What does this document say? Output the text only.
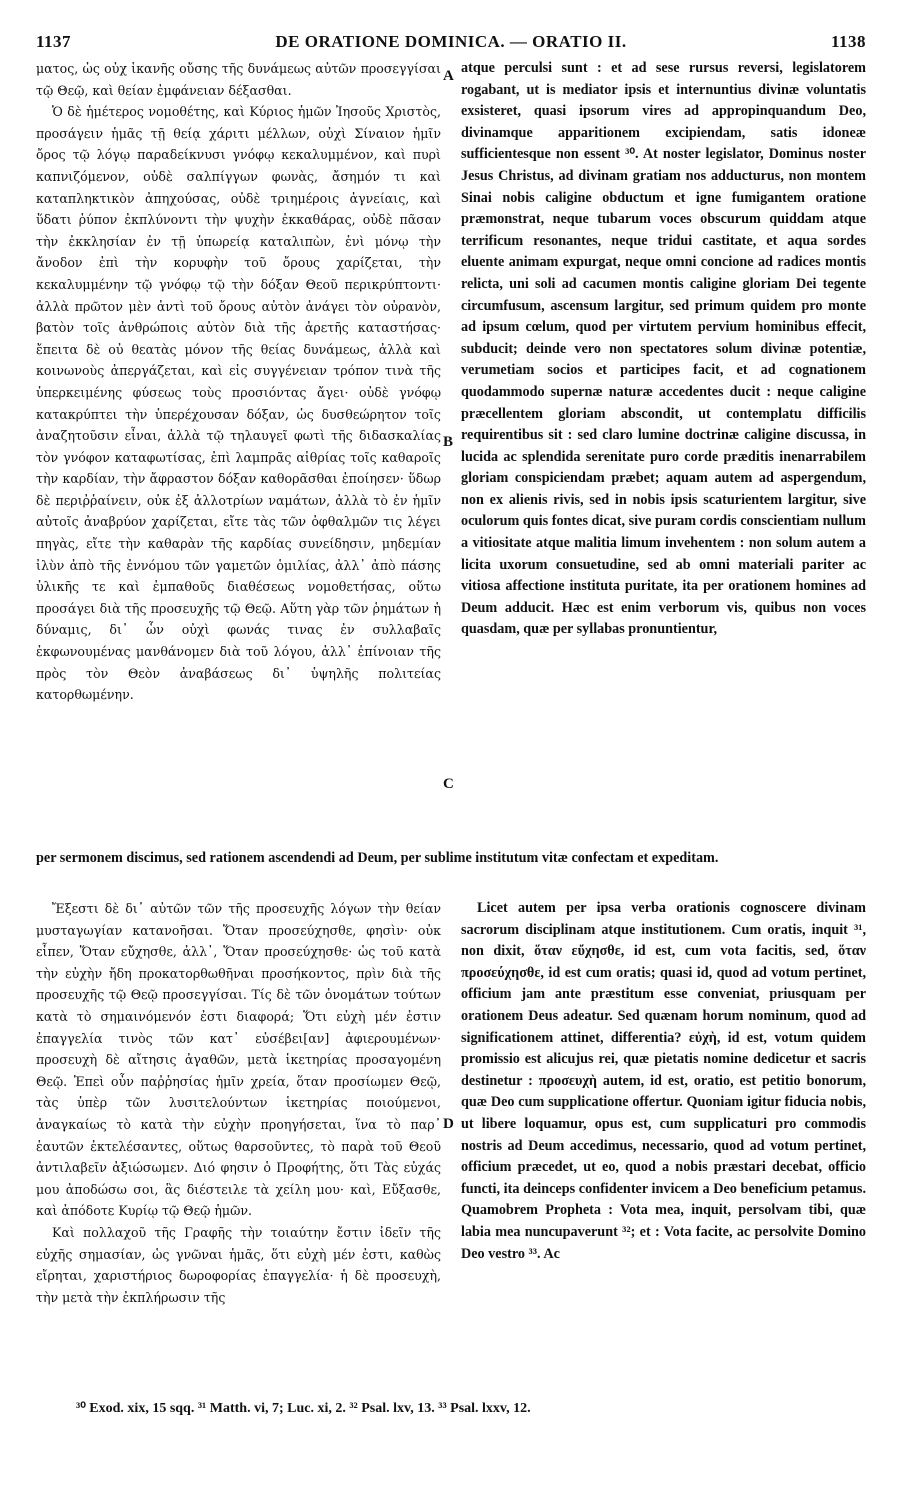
1137	DE ORATIONE DOMINICA. — ORATIO II.	1138

ματος, ὡς οὐχ ἱκανῆς οὔσης τῆς δυνάμεως αὐτῶν προσεγγίσαι τῷ Θεῷ, καὶ θείαν ἐμφάνειαν δέξασθαι.

Ὁ δὲ ἡμέτερος νομοθέτης, καὶ Κύριος ἡμῶν Ἰησοῦς Χριστὸς, προσάγειν ἡμᾶς τῇ θείᾳ χάριτι μέλλων, οὐχὶ Σίναιον ἡμῖν ὄρος τῷ λόγῳ παραδείκνυσι γνόφῳ κεκαλυμμένον, καὶ πυρὶ καπνιζόμενον, οὐδὲ σαλπίγγων φωνὰς, ἄσημόν τι καὶ καταπληκτικὸν ἀπηχούσας, οὐδὲ τριημέροις ἁγνείαις, καὶ ὕδατι ῥύπον ἐκπλύνοντι τὴν ψυχὴν ἐκκαθάρας, οὐδὲ πᾶσαν τὴν ἐκκλησίαν ἐν τῇ ὑπωρείᾳ καταλιπὼν, ἑνὶ μόνῳ τὴν ἄνοδον ἐπὶ τὴν κορυφὴν τοῦ ὄρους χαρίζεται, τὴν κεκαλυμμένην τῷ γνόφῳ τῷ τὴν δόξαν Θεοῦ περικρύπτοντι· ἀλλὰ πρῶτον μὲν ἀντὶ τοῦ ὄρους αὐτὸν ἀνάγει τὸν οὐρανὸν, βατὸν τοῖς ἀνθρώποις αὐτὸν διὰ τῆς ἀρετῆς καταστήσας· ἔπειτα δὲ οὐ θεατὰς μόνον τῆς θείας δυνάμεως, ἀλλὰ καὶ κοινωνοὺς ἀπεργάζεται, καὶ εἰς συγγένειαν τρόπον τινὰ τῆς ὑπερκειμένης φύσεως τοὺς προσιόντας ἄγει· οὐδὲ γνόφῳ κατακρύπτει τὴν ὑπερέχουσαν δόξαν, ὡς δυσθεώρητον τοῖς ἀναζητοῦσιν εἶναι, ἀλλὰ τῷ τηλαυγεῖ φωτὶ τῆς διδασκαλίας τὸν γνόφον καταφωτίσας, ἐπὶ λαμπρᾶς αἰθρίας τοῖς καθαροῖς τὴν καρδίαν, τὴν ἄφραστον δόξαν καθορᾶσθαι ἐποίησεν· ὕδωρ δὲ περιῤῥαίνειν, οὐκ ἐξ ἀλλοτρίων ναμάτων, ἀλλὰ τὸ ἐν ἡμῖν αὐτοῖς ἀναβρύον χαρίζεται, εἴτε τὰς τῶν ὀφθαλμῶν τις λέγει πηγὰς, εἴτε τὴν καθαρὰν τῆς καρδίας συνείδησιν, μηδεμίαν ἰλὺν ἀπὸ τῆς ἐννόμου τῶν γαμετῶν ὁμιλίας, ἀλλ᾽ ἀπὸ πάσης ὑλικῆς τε καὶ ἐμπαθοῦς διαθέσεως νομοθετήσας, οὕτω προσάγει διὰ τῆς προσευχῆς τῷ Θεῷ. Αὕτη γὰρ τῶν ῥημάτων ἡ δύναμις, δι᾽ ὧν οὐχὶ φωνάς τινας ἐν συλλαβαῖς ἐκφωνουμένας μανθάνομεν διὰ τοῦ λόγου, ἀλλ᾽ ἐπίνοιαν τῆς πρὸς τὸν Θεὸν ἀναβάσεως δι᾽ ὑψηλῆς πολιτείας κατορθωμένην.

atque perculsi sunt : et ad sese rursus reversi, legislatorem rogabant, ut is mediator ipsis et internuntius divinæ voluntatis exsisteret, quasi ipsorum vires ad appropinquandum Deo, divinamque apparitionem excipiendam, satis idoneæ sufficientesque non essent ³⁰. At noster legislator, Dominus noster Jesus Christus, ad divinam gratiam nos adducturus, non montem Sinai nobis caligine obductum et igne fumigantem oratione præmonstrat, neque tubarum voces obscurum quiddam atque terrificum resonantes, neque tridui castitate, et aqua sordes eluente animam expurgat, neque omni concione ad radices montis relicta, uni soli ad cacumen montis caligine gloriam Dei tegente circumfusum, ascensum largitur, sed primum quidem pro monte ad ipsum cœlum, quod per virtutem pervium hominibus effecit, subducit; deinde vero non spectatores solum divinæ potentiæ, verumetiam socios et participes facit, et ad cognationem quodammodo supernæ naturæ accedentes ducit : neque caligine præcellentem gloriam abscondit, ut contemplatu difficilis requirentibus sit : sed claro lumine doctrinæ caligine discussa, in lucida ac splendida serenitate puro corde præditis inenarrabilem gloriam conspiciendam præbet; aquam autem ad aspergendum, non ex alienis rivis, sed in nobis ipsis scaturientem largitur, sive oculorum quis fontes dicat, sive puram cordis conscientiam nullum a vitiositate atque malitia limum invehentem : non solum autem a licita uxorum consuetudine, sed ab omni materiali pariter ac vitiosa affectione instituta puritate, ita per orationem homines ad Deum adducit. Hæc est enim verborum vis, quibus non voces quasdam, quæ per syllabas pronuntientur,

A
B
C
D
per sermonem discimus, sed rationem ascendendi ad Deum, per sublime institutum vitæ confectam et expeditam.

Ἔξεστι δὲ δι᾽ αὐτῶν τῶν τῆς προσευχῆς λόγων τὴν θείαν μυσταγωγίαν κατανοῆσαι. Ὅταν προσεύχησθε, φησὶν· οὐκ εἶπεν, Ὅταν εὔχησθε, ἀλλ᾽, Ὅταν προσεύχησθε· ὡς τοῦ κατὰ τὴν εὐχὴν ἤδη προκατορθωθῆναι προσήκοντος, πρὶν διὰ τῆς προσευχῆς τῷ Θεῷ προσεγγίσαι. Τίς δὲ τῶν ὀνομάτων τούτων κατὰ τὸ σημαινόμενόν ἐστι διαφορά; Ὅτι εὐχὴ μέν ἐστιν ἐπαγγελία τινὸς τῶν κατ᾽ εὐσέβει[αν] ἀφιερουμένων· προσευχὴ δὲ αἴτησις ἀγαθῶν, μετὰ ἱκετηρίας προσαγομένη Θεῷ. Ἐπεὶ οὖν παῤῥησίας ἡμῖν χρεία, ὅταν προσίωμεν Θεῷ, τὰς ὑπὲρ τῶν λυσιτελούντων ἱκετηρίας ποιούμενοι, ἀναγκαίως τὸ κατὰ τὴν εὐχὴν προηγήσεται, ἵνα τὸ παρ᾽ ἑαυτῶν ἐκτελέσαντες, οὕτως θαρσοῦντες, τὸ παρὰ τοῦ Θεοῦ ἀντιλαβεῖν ἀξιώσωμεν. Διό φησιν ὁ Προφήτης, ὅτι Τὰς εὐχάς μου ἀποδώσω σοι, ἃς διέστειλε τὰ χείλη μου· καὶ, Εὔξασθε, καὶ ἀπόδοτε Κυρίῳ τῷ Θεῷ ἡμῶν.

Καὶ πολλαχοῦ τῆς Γραφῆς τὴν τοιαύτην ἔστιν ἰδεῖν τῆς εὐχῆς σημασίαν, ὡς γνῶναι ἡμᾶς, ὅτι εὐχὴ μέν ἐστι, καθὼς εἴρηται, χαριστήριος δωροφορίας ἐπαγγελία· ἡ δὲ προσευχὴ, τὴν μετὰ τὴν ἐκπλήρωσιν τῆς

Licet autem per ipsa verba orationis cognoscere divinam sacrorum disciplinam atque institutionem. Cum oratis, inquit ³¹, non dixit, ὅταν εὔχησθε, id est, cum vota facitis, sed, ὅταν προσεύχησθε, id est cum oratis; quasi id, quod ad votum pertinet, officium jam ante præstitum esse conveniat, priusquam per orationem Deus adeatur. Sed quænam horum nominum, quod ad significationem attinet, differentia? εὐχὴ, id est, votum quidem promissio est alicujus rei, quæ pietatis nomine dedicetur et sacris destinetur : προσευχὴ autem, id est, oratio, est petitio bonorum, quæ Deo cum supplicatione offertur. Quoniam igitur fiducia nobis, ut libere loquamur, opus est, cum supplicaturi pro commodis nostris ad Deum accedimus, necessario, quod ad votum pertinet, officium præcedet, ut eo, quod a nobis præstari decebat, officio functi, ita deinceps confidenter invicem a Deo beneficium petamus. Quamobrem Propheta : Vota mea, inquit, persolvam tibi, quæ labia mea nuncupaverunt ³²; et : Vota facite, ac persolvite Domino Deo vestro ³³. Ac

³⁰ Exod. xix, 15 sqq. ³¹ Matth. vi, 7; Luc. xi, 2. ³² Psal. lxv, 13. ³³ Psal. lxxv, 12.
